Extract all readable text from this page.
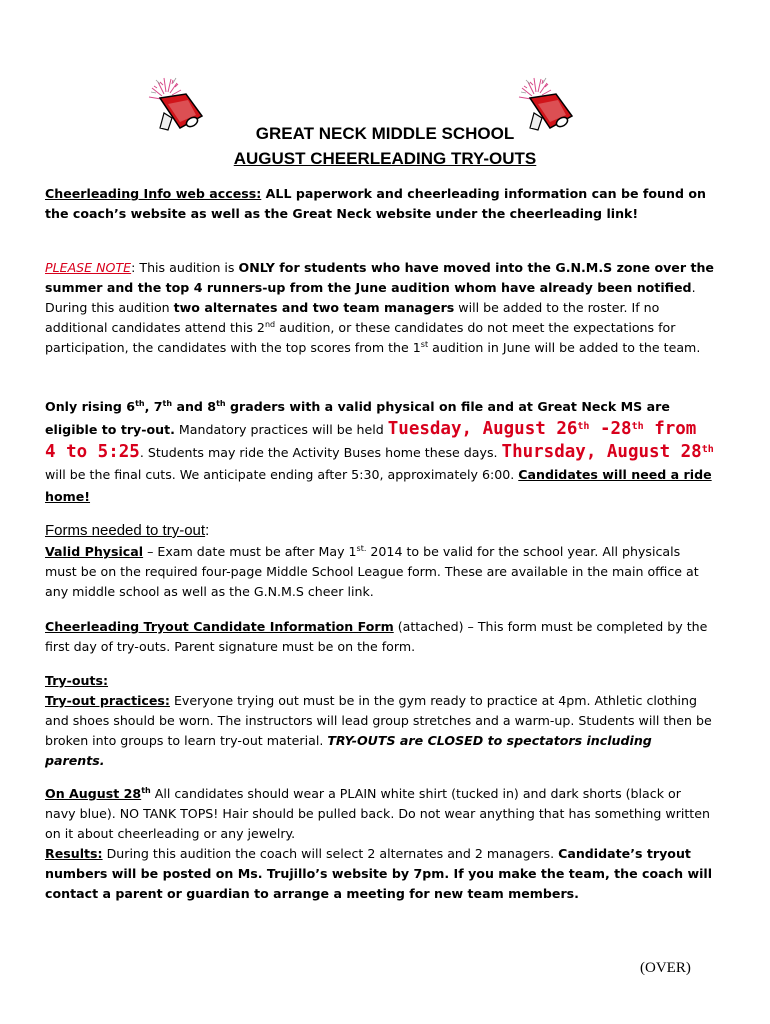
GREAT NECK MIDDLE SCHOOL
AUGUST CHEERLEADING TRY-OUTS
Cheerleading Info web access: ALL paperwork and cheerleading information can be found on the coach’s website as well as the Great Neck website under the cheerleading link!
PLEASE NOTE: This audition is ONLY for students who have moved into the G.N.M.S zone over the summer and the top 4 runners-up from the June audition whom have already been notified. During this audition two alternates and two team managers will be added to the roster. If no additional candidates attend this 2nd audition, or these candidates do not meet the expectations for participation, the candidates with the top scores from the 1st audition in June will be added to the team.
Only rising 6th, 7th and 8th graders with a valid physical on file and at Great Neck MS are eligible to try-out. Mandatory practices will be held Tuesday, August 26th -28th from 4 to 5:25. Students may ride the Activity Buses home these days. Thursday, August 28th will be the final cuts. We anticipate ending after 5:30, approximately 6:00. Candidates will need a ride home!
Forms needed to try-out:
Valid Physical – Exam date must be after May $1^{st.}$ 2014 to be valid for the school year. All physicals must be on the required four-page Middle School League form. These are available in the main office at any middle school as well as the G.N.M.S cheer link.
Cheerleading Tryout Candidate Information Form (attached) – This form must be completed by the first day of try-outs. Parent signature must be on the form.
Try-outs:
Try-out practices: Everyone trying out must be in the gym ready to practice at 4pm. Athletic clothing and shoes should be worn. The instructors will lead group stretches and a warm-up. Students will then be broken into groups to learn try-out material. TRY-OUTS are CLOSED to spectators including parents.
On August 28th All candidates should wear a PLAIN white shirt (tucked in) and dark shorts (black or navy blue). NO TANK TOPS! Hair should be pulled back. Do not wear anything that has something written on it about cheerleading or any jewelry.
Results: During this audition the coach will select 2 alternates and 2 managers. Candidate’s tryout numbers will be posted on Ms. Trujillo’s website by 7pm. If you make the team, the coach will contact a parent or guardian to arrange a meeting for new team members.
(OVER)
